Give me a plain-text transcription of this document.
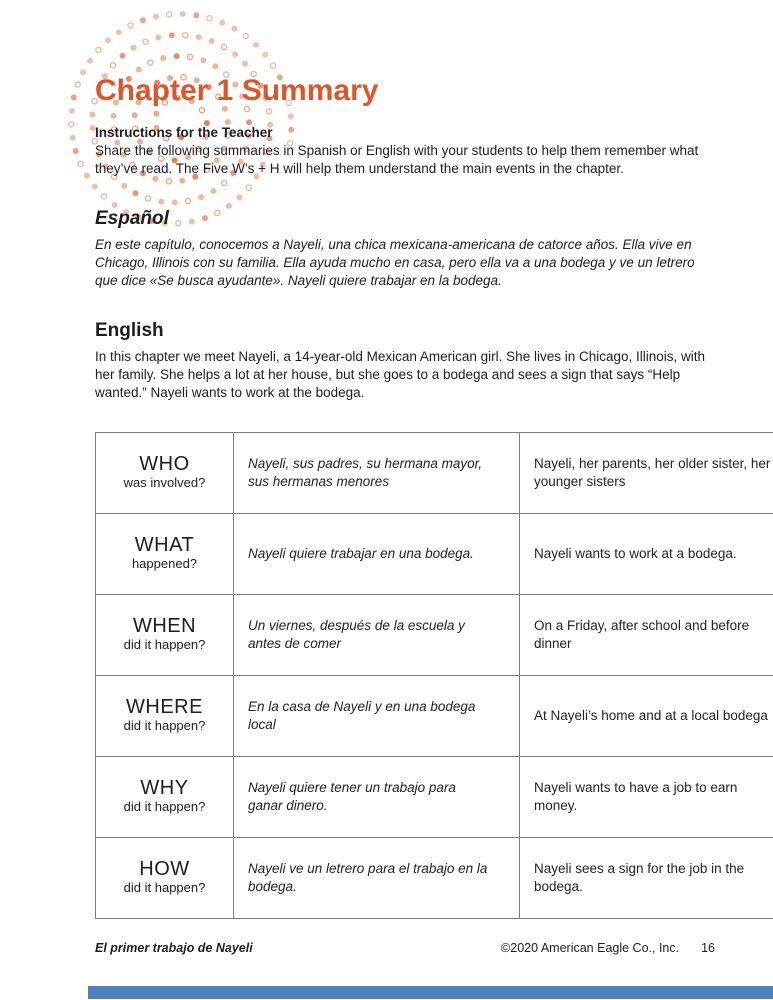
Chapter 1 Summary
Instructions for the Teacher

Share the following summaries in Spanish or English with your students to help them remember what they’ve read. The Five W’s + H will help them understand the main events in the chapter.

Español

En este capítulo, conocemos a Nayeli, una chica mexicana-americana de catorce años. Ella vive en Chicago, Illinois con su familia. Ella ayuda mucho en casa, pero ella va a una bodega y ve un letrero que dice «Se busca ayudante». Nayeli quiere trabajar en la bodega.

English

In this chapter we meet Nayeli, a 14-year-old Mexican American girl. She lives in Chicago, Illinois, with her family. She helps a lot at her house, but she goes to a bodega and sees a sign that says “Help wanted.” Nayeli wants to work at the bodega.

WHO
was involved?	Nayeli, sus padres, su hermana mayor, sus hermanas menores	Nayeli, her parents, her older sister, her younger sisters

WHAT
happened?	Nayeli quiere trabajar en una bodega.	Nayeli wants to work at a bodega.

WHEN
did it happen?	Un viernes, después de la escuela y antes de comer	On a Friday, after school and before dinner

WHERE
did it happen?	En la casa de Nayeli y en una bodega local	At Nayeli’s home and at a local bodega

WHY
did it happen?	Nayeli quiere tener un trabajo para ganar dinero.	Nayeli wants to have a job to earn money.

HOW
did it happen?	Nayeli ve un letrero para el trabajo en la bodega.	Nayeli sees a sign for the job in the bodega.
El primer trabajo de Nayeli	©2020 American Eagle Co., Inc. 16
